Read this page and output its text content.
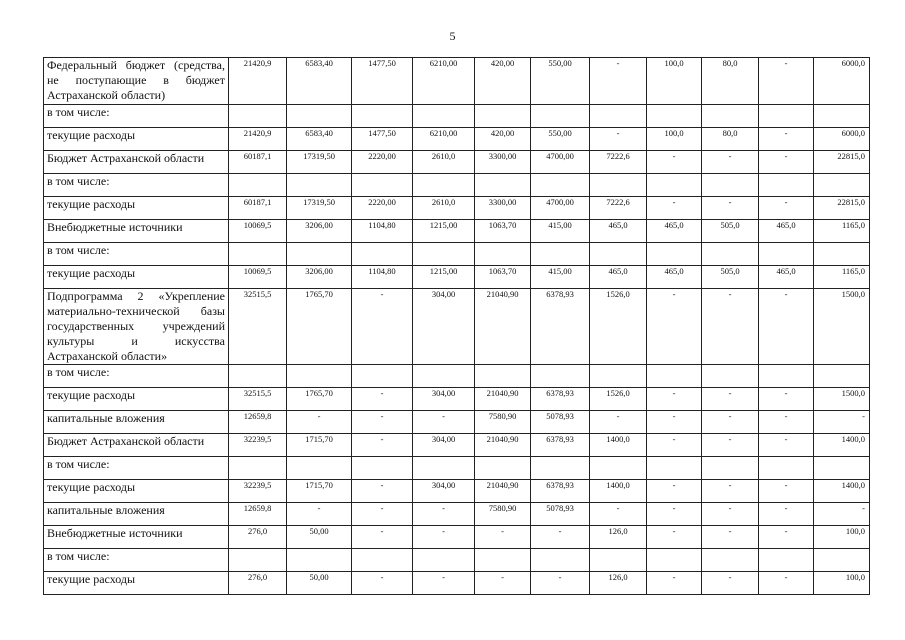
5
Федеральный бюджет (средства, не поступающие в бюджет Астраханской области)	21420,9	6583,40	1477,50	6210,00	420,00	550,00	-	100,0	80,0	-	6000,0
в том числе:											
текущие расходы	21420,9	6583,40	1477,50	6210,00	420,00	550,00	-	100,0	80,0	-	6000,0
Бюджет Астраханской области	60187,1	17319,50	2220,00	2610,0	3300,00	4700,00	7222,6	-	-	-	22815,0
в том числе:											
текущие расходы	60187,1	17319,50	2220,00	2610,0	3300,00	4700,00	7222,6	-	-	-	22815,0
Внебюджетные источники	10069,5	3206,00	1104,80	1215,00	1063,70	415,00	465,0	465,0	505,0	465,0	1165,0
в том числе:											
текущие расходы	10069,5	3206,00	1104,80	1215,00	1063,70	415,00	465,0	465,0	505,0	465,0	1165,0
Подпрограмма 2 «Укрепление материально-технической базы государственных учреждений культуры и искусства Астраханской области»	32515,5	1765,70	-	304,00	21040,90	6378,93	1526,0	-	-	-	1500,0
в том числе:											
текущие расходы	32515,5	1765,70	-	304,00	21040,90	6378,93	1526,0	-	-	-	1500,0
капитальные вложения	12659,8	-	-	-	7580,90	5078,93	-	-	-	-	-
Бюджет Астраханской области	32239,5	1715,70	-	304,00	21040,90	6378,93	1400,0	-	-	-	1400,0
в том числе:											
текущие расходы	32239,5	1715,70	-	304,00	21040,90	6378,93	1400,0	-	-	-	1400,0
капитальные вложения	12659,8	-	-	-	7580,90	5078,93	-	-	-	-	-
Внебюджетные источники	276,0	50,00	-	-	-	-	126,0	-	-	-	100,0
в том числе:											
текущие расходы	276,0	50,00	-	-	-	-	126,0	-	-	-	100,0
